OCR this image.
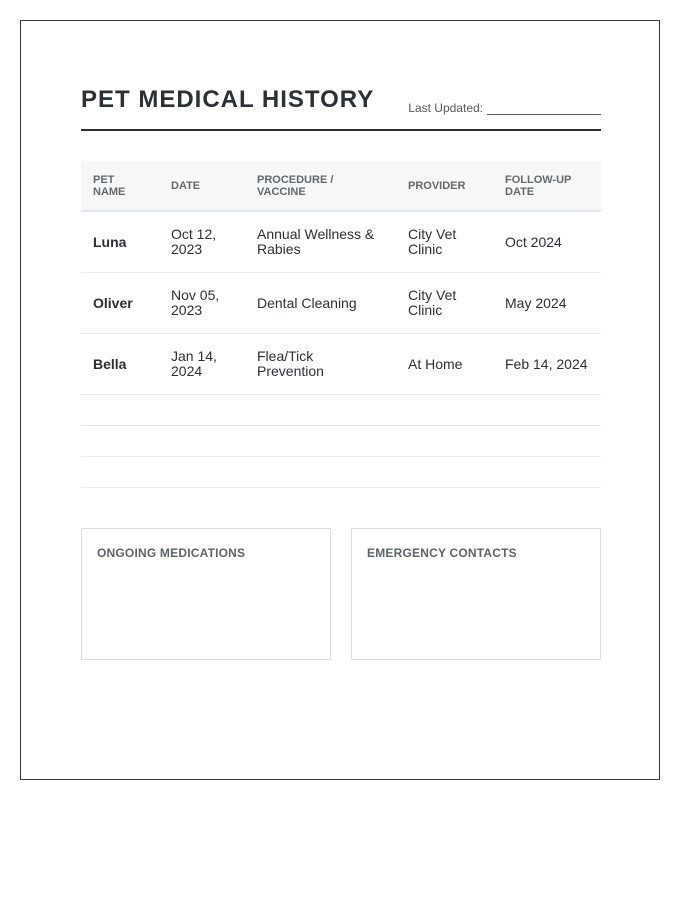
PET MEDICAL HISTORY	Last Updated:
PET NAME	DATE	PROCEDURE / VACCINE	PROVIDER	FOLLOW-UP DATE
Luna	Oct 12, 2023	Annual Wellness & Rabies	City Vet Clinic	Oct 2024
Oliver	Nov 05, 2023	Dental Cleaning	City Vet Clinic	May 2024
Bella	Jan 14, 2024	Flea/Tick Prevention	At Home	Feb 14, 2024

ONGOING MEDICATIONS	EMERGENCY CONTACTS
